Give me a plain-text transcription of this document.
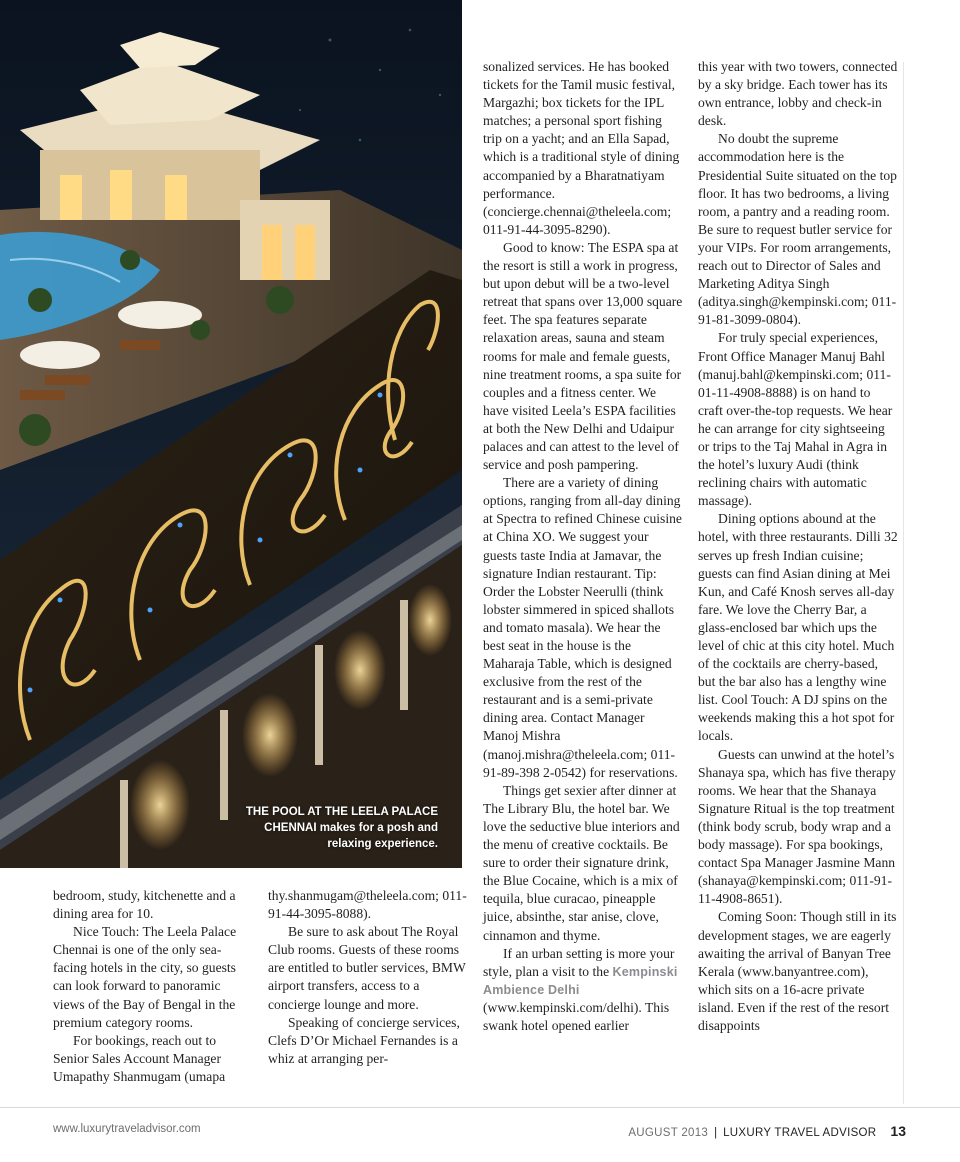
THE POOL AT THE LEELA PALACE CHENNAI makes for a posh and relaxing experience.

bedroom, study, kitchenette and a dining area for 10.

Nice Touch: The Leela Palace Chennai is one of the only sea-facing hotels in the city, so guests can look forward to panoramic views of the Bay of Bengal in the premium category rooms.

For bookings, reach out to Senior Sales Account Manager Umapathy Shanmugam (umapa

thy.shanmugam@theleela.com; 011-91-44-3095-8088).

Be sure to ask about The Royal Club rooms. Guests of these rooms are entitled to butler services, BMW airport transfers, access to a concierge lounge and more.

Speaking of concierge services, Clefs D’Or Michael Fernandes is a whiz at arranging per-

sonalized services. He has booked tickets for the Tamil music festival, Margazhi; box tickets for the IPL matches; a personal sport fishing trip on a yacht; and an Ella Sapad, which is a traditional style of dining accompanied by a Bharatnatiyam performance. (concierge.chennai@theleela.com; 011-91-44-3095-8290).

Good to know: The ESPA spa at the resort is still a work in progress, but upon debut will be a two-level retreat that spans over 13,000 square feet. The spa features separate relaxation areas, sauna and steam rooms for male and female guests, nine treatment rooms, a spa suite for couples and a fitness center. We have visited Leela’s ESPA facilities at both the New Delhi and Udaipur palaces and can attest to the level of service and posh pampering.

There are a variety of dining options, ranging from all-day dining at Spectra to refined Chinese cuisine at China XO. We suggest your guests taste India at Jamavar, the signature Indian restaurant. Tip: Order the Lobster Neerulli (think lobster simmered in spiced shallots and tomato masala). We hear the best seat in the house is the Maharaja Table, which is designed exclusive from the rest of the restaurant and is a semi-private dining area. Contact Manager Manoj Mishra (manoj.mishra@theleela.com; 011-91-89-398 2-0542) for reservations.

Things get sexier after dinner at The Library Blu, the hotel bar. We love the seductive blue interiors and the menu of creative cocktails. Be sure to order their signature drink, the Blue Cocaine, which is a mix of tequila, blue curacao, pineapple juice, absinthe, star anise, clove, cinnamon and thyme.

If an urban setting is more your style, plan a visit to the Kempinski Ambience Delhi (www.kempinski.com/delhi). This swank hotel opened earlier

this year with two towers, connected by a sky bridge. Each tower has its own entrance, lobby and check-in desk.

No doubt the supreme accommodation here is the Presidential Suite situated on the top floor. It has two bedrooms, a living room, a pantry and a reading room. Be sure to request butler service for your VIPs. For room arrangements, reach out to Director of Sales and Marketing Aditya Singh (aditya.singh@kempinski.com; 011-91-81-3099-0804).

For truly special experiences, Front Office Manager Manuj Bahl (manuj.bahl@kempinski.com; 011-01-11-4908-8888) is on hand to craft over-the-top requests. We hear he can arrange for city sightseeing or trips to the Taj Mahal in Agra in the hotel’s luxury Audi (think reclining chairs with automatic massage).

Dining options abound at the hotel, with three restaurants. Dilli 32 serves up fresh Indian cuisine; guests can find Asian dining at Mei Kun, and Café Knosh serves all-day fare. We love the Cherry Bar, a glass-enclosed bar which ups the level of chic at this city hotel. Much of the cocktails are cherry-based, but the bar also has a lengthy wine list. Cool Touch: A DJ spins on the weekends making this a hot spot for locals.

Guests can unwind at the hotel’s Shanaya spa, which has five therapy rooms. We hear that the Shanaya Signature Ritual is the top treatment (think body scrub, body wrap and a body massage). For spa bookings, contact Spa Manager Jasmine Mann (shanaya@kempinski.com; 011-91-11-4908-8651).

Coming Soon: Though still in its development stages, we are eagerly awaiting the arrival of Banyan Tree Kerala (www.banyantree.com), which sits on a 16-acre private island. Even if the rest of the resort disappoints

www.luxurytraveladvisor.com	AUGUST 2013 | LUXURY TRAVEL ADVISOR 13
